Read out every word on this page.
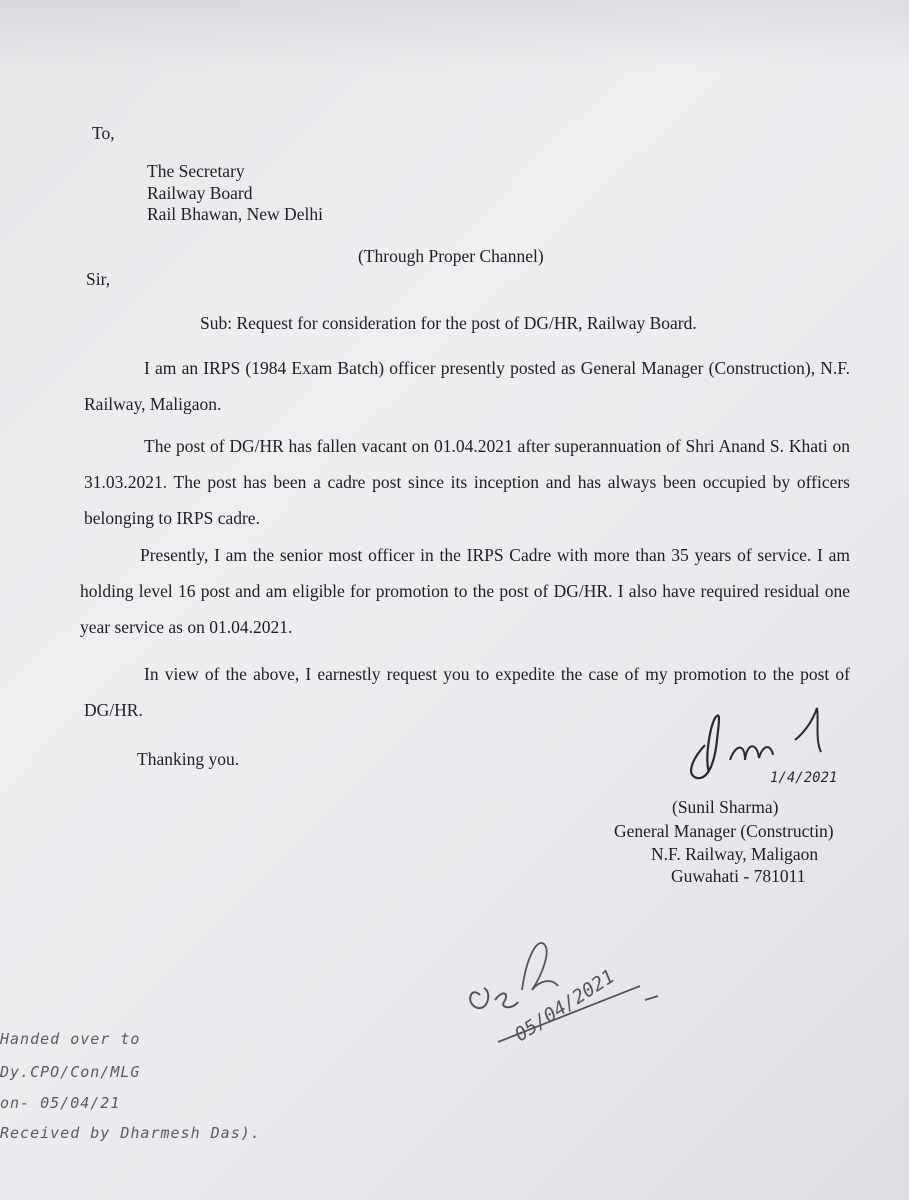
To,
The Secretary
Railway Board
Rail Bhawan, New Delhi
(Through Proper Channel)
Sir,
Sub: Request for consideration for the post of DG/HR, Railway Board.
I am an IRPS (1984 Exam Batch) officer presently posted as General Manager (Construction), N.F. Railway, Maligaon.
The post of DG/HR has fallen vacant on 01.04.2021 after superannuation of Shri Anand S. Khati on 31.03.2021. The post has been a cadre post since its inception and has always been occupied by officers belonging to IRPS cadre.
Presently, I am the senior most officer in the IRPS Cadre with more than 35 years of service. I am holding level 16 post and am eligible for promotion to the post of DG/HR. I also have required residual one year service as on 01.04.2021.
In view of the above, I earnestly request you to expedite the case of my promotion to the post of DG/HR.
Thanking you.
1/4/2021
(Sunil Sharma)
General Manager (Constructin)
N.F. Railway, Maligaon
Guwahati - 781011
05/04/2021
Handed over to
Dy.CPO/Con/MLG
on- 05/04/21
Received by Dharmesh Das).
